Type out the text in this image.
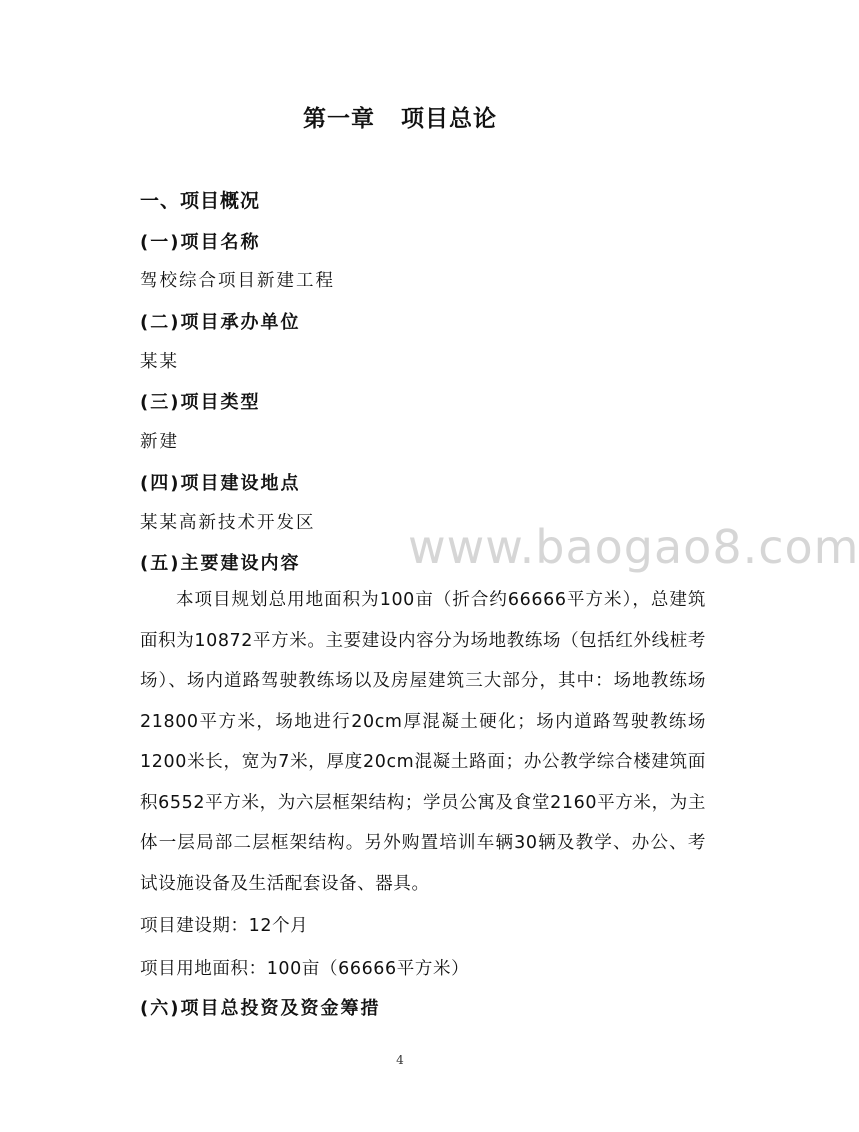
第一章 项目总论
一、项目概况
(一)项目名称
驾校综合项目新建工程
(二)项目承办单位
某某
(三)项目类型
新建
(四)项目建设地点
某某高新技术开发区 www.baogao8.com
(五)主要建设内容
本项目规划总用地面积为100亩（折合约66666平方米），总建筑面积为10872平方米。主要建设内容分为场地教练场（包括红外线桩考场）、场内道路驾驶教练场以及房屋建筑三大部分，其中：场地教练场21800平方米，场地进行20cm厚混凝土硬化；场内道路驾驶教练场1200米长，宽为7米，厚度20cm混凝土路面；办公教学综合楼建筑面积6552平方米，为六层框架结构；学员公寓及食堂2160平方米，为主体一层局部二层框架结构。另外购置培训车辆30辆及教学、办公、考试设施设备及生活配套设备、器具。
项目建设期：12个月
项目用地面积：100亩（66666平方米）
(六)项目总投资及资金筹措
4
